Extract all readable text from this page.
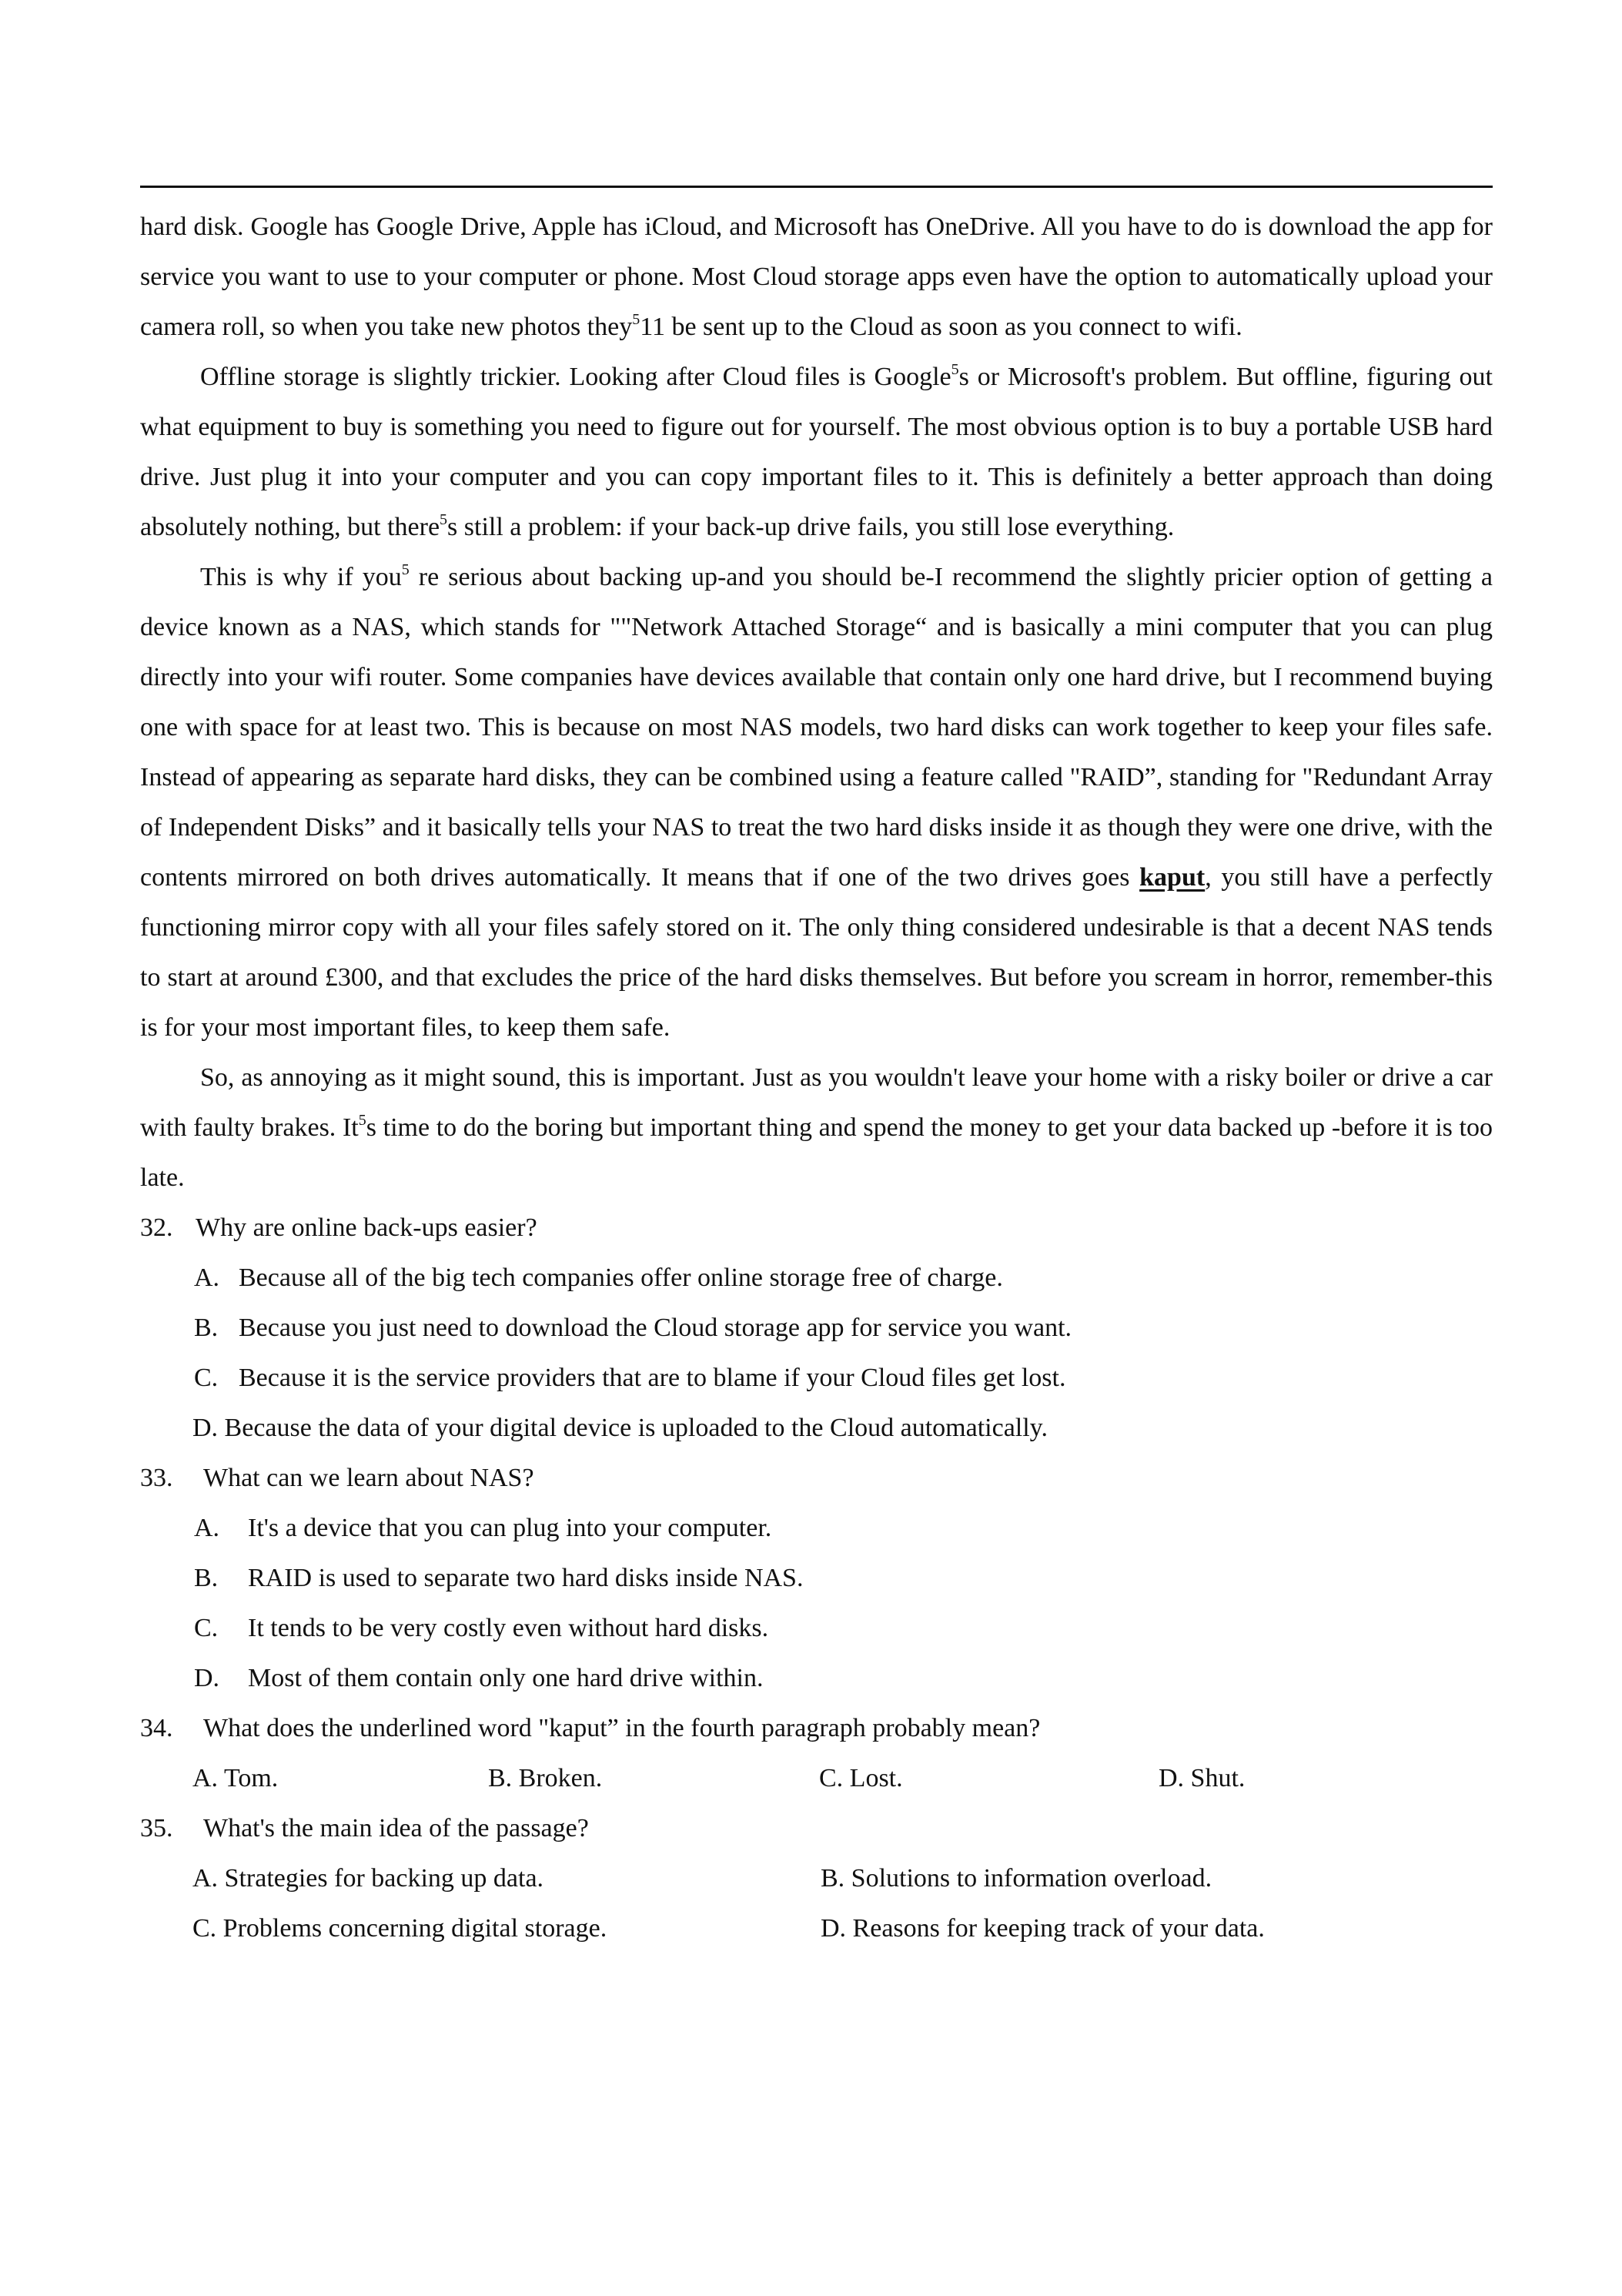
hard disk. Google has Google Drive, Apple has iCloud, and Microsoft has OneDrive. All you have to do is download the app for service you want to use to your computer or phone. Most Cloud storage apps even have the option to automatically upload your camera roll, so when you take new photos they$^5$11 be sent up to the Cloud as soon as you connect to wifi.

Offline storage is slightly trickier. Looking after Cloud files is Google$^5$s or Microsoft's problem. But offline, figuring out what equipment to buy is something you need to figure out for yourself. The most obvious option is to buy a portable USB hard drive. Just plug it into your computer and you can copy important files to it. This is definitely a better approach than doing absolutely nothing, but there$^5$s still a problem: if your back-up drive fails, you still lose everything.

This is why if you$^5$ re serious about backing up-and you should be-I recommend the slightly pricier option of getting a device known as a NAS, which stands for ""Network Attached Storage“ and is basically a mini computer that you can plug directly into your wifi router. Some companies have devices available that contain only one hard drive, but I recommend buying one with space for at least two. This is because on most NAS models, two hard disks can work together to keep your files safe. Instead of appearing as separate hard disks, they can be combined using a feature called "RAID”, standing for "Redundant Array of Independent Disks” and it basically tells your NAS to treat the two hard disks inside it as though they were one drive, with the contents mirrored on both drives automatically. It means that if one of the two drives goes kaput, you still have a perfectly functioning mirror copy with all your files safely stored on it. The only thing considered undesirable is that a decent NAS tends to start at around £300, and that excludes the price of the hard disks themselves. But before you scream in horror, remember-this is for your most important files, to keep them safe.

So, as annoying as it might sound, this is important. Just as you wouldn't leave your home with a risky boiler or drive a car with faulty brakes. It$^5$s time to do the boring but important thing and spend the money to get your data backed up -before it is too late.

32. Why are online back-ups easier?

A. Because all of the big tech companies offer online storage free of charge.

B. Because you just need to download the Cloud storage app for service you want.

C. Because it is the service providers that are to blame if your Cloud files get lost.

D. Because the data of your digital device is uploaded to the Cloud automatically.

33.	What can we learn about NAS?

A. It's a device that you can plug into your computer.

B. RAID is used to separate two hard disks inside NAS.

C. It tends to be very costly even without hard disks.

D. Most of them contain only one hard drive within.

34.	What does the underlined word "kaput” in the fourth paragraph probably mean?

A. Tom.	B. Broken.	C. Lost.	D. Shut.

35.	What's the main idea of the passage?

A. Strategies for backing up data.	B. Solutions to information overload.

C. Problems concerning digital storage.	D. Reasons for keeping track of your data.
